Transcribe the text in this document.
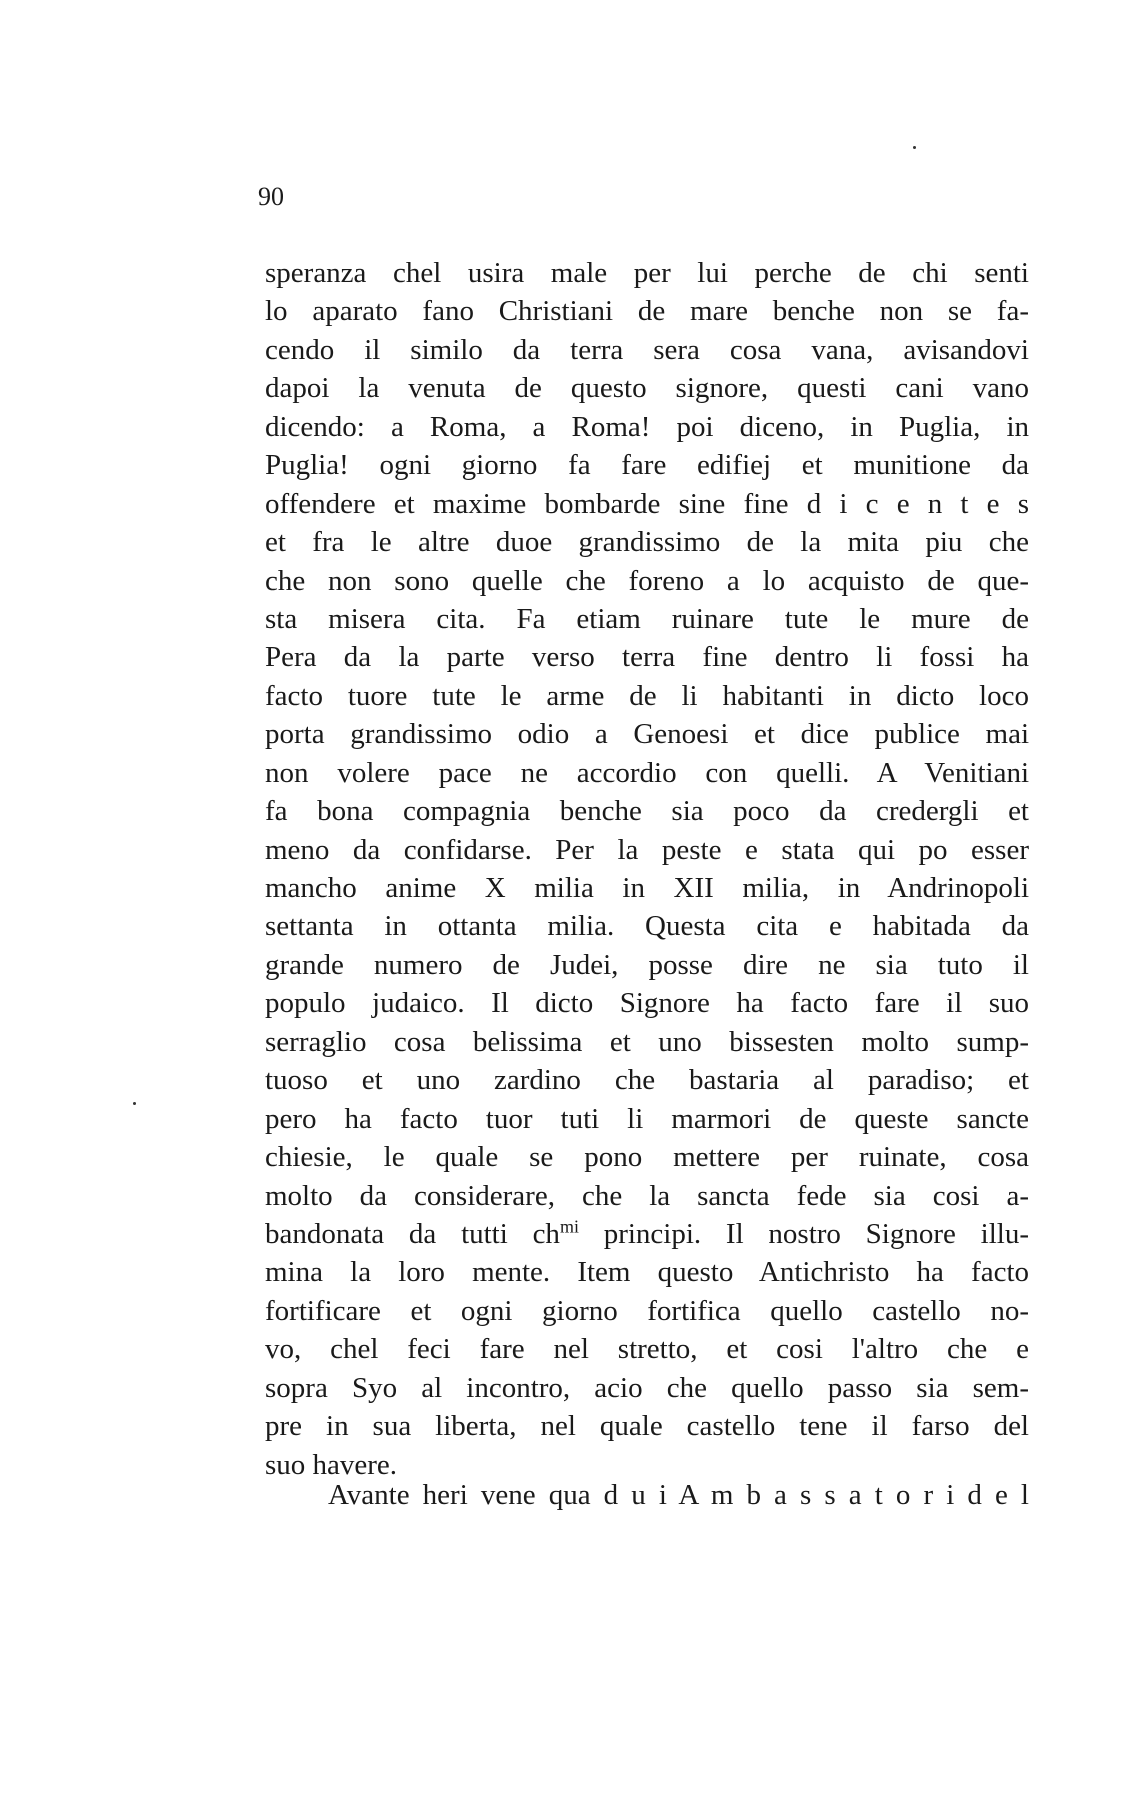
90
speranza chel usira male per lui perche de chi senti
lo aparato fano Christiani de mare benche non se fa-
cendo il similo da terra sera cosa vana, avisandovi
dapoi la venuta de questo signore, questi cani vano
dicendo: a Roma, a Roma! poi diceno, in Puglia, in
Puglia! ogni giorno fa fare edifiej et munitione da
offendere et maxime bombarde sine fine d i c e n t e s
et fra le altre duoe grandissimo de la mita piu che
che non sono quelle che foreno a lo acquisto de que-
sta misera cita. Fa etiam ruinare tute le mure de
Pera da la parte verso terra fine dentro li fossi ha
facto tuore tute le arme de li habitanti in dicto loco
porta grandissimo odio a Genoesi et dice publice mai
non volere pace ne accordio con quelli. A Venitiani
fa bona compagnia benche sia poco da credergli et
meno da confidarse. Per la peste e stata qui po esser
mancho anime X milia in XII milia, in Andrinopoli
settanta in ottanta milia. Questa cita e habitada da
grande numero de Judei, posse dire ne sia tuto il
populo judaico. Il dicto Signore ha facto fare il suo
serraglio cosa belissima et uno bissesten molto sump-
tuoso et uno zardino che bastaria al paradiso; et
pero ha facto tuor tuti li marmori de queste sancte
chiesie, le quale se pono mettere per ruinate, cosa
molto da considerare, che la sancta fede sia cosi a-
bandonata da tutti $ch^{mi}$ principi. Il nostro Signore illu-
mina la loro mente. Item questo Antichristo ha facto
fortificare et ogni giorno fortifica quello castello no-
vo, chel feci fare nel stretto, et cosi l'altro che e
sopra Syo al incontro, acio che quello passo sia sem-
pre in sua liberta, nel quale castello tene il farso del
suo havere.
Avante heri vene qua d u i A m b a s s a t o r i d e l
